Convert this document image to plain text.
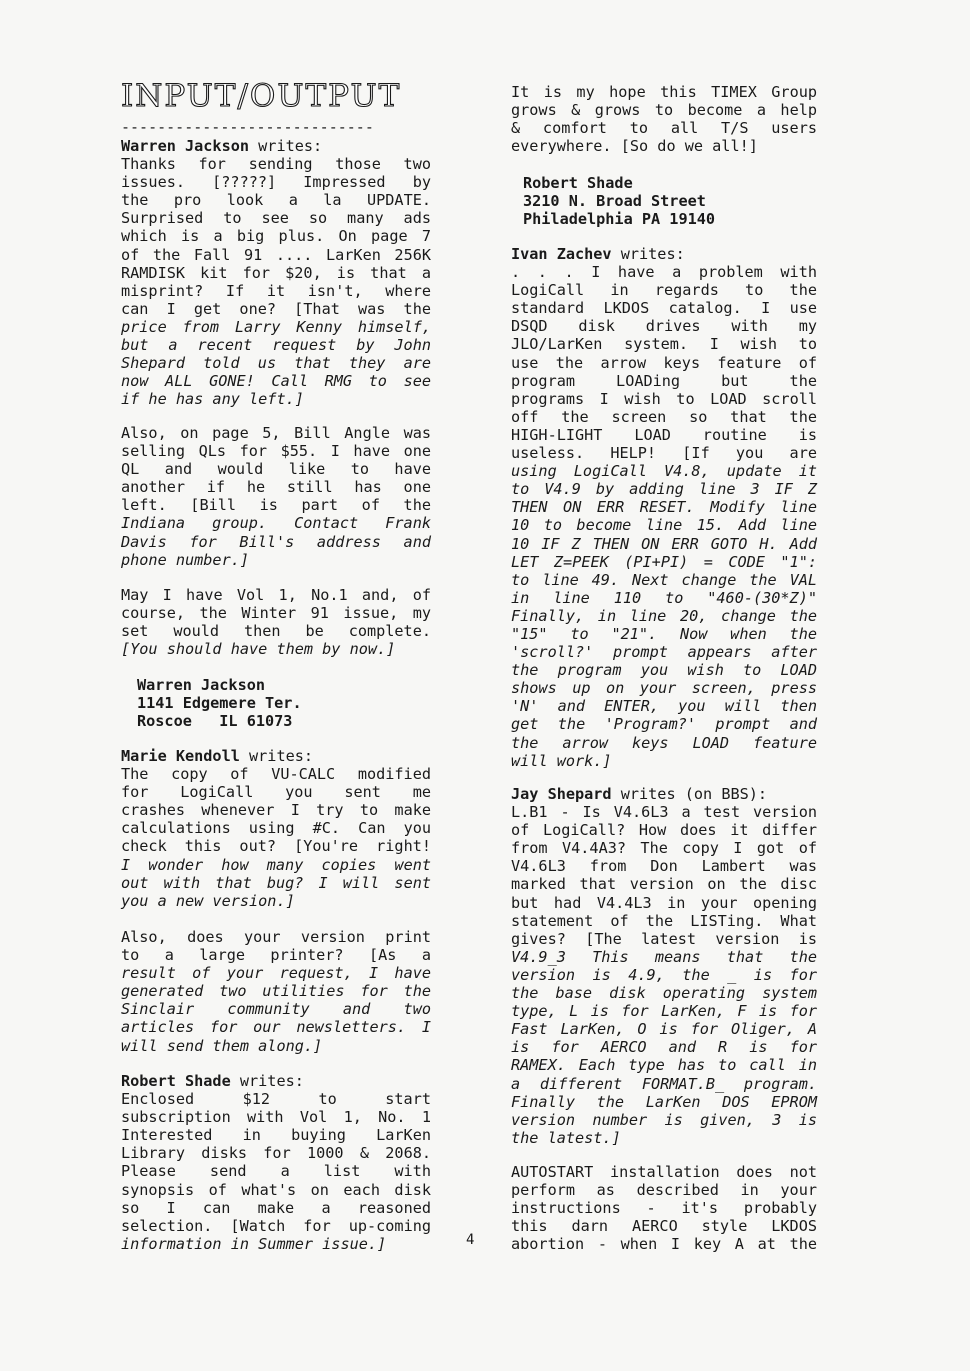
INPUT/OUTPUT
----------------------------
Warren Jackson writes:
Thanks for sending those two
issues. [?????] Impressed by
the pro look a la UPDATE.
Surprised to see so many ads
which is a big plus. On page 7
of the Fall 91 .... LarKen 256K
RAMDISK kit for $20, is that a
misprint? If it isn't, where
can I get one? [That was the
price from Larry Kenny himself,
but a recent request by John
Shepard told us that they are
now ALL GONE! Call RMG to see
if he has any left.]
Also, on page 5, Bill Angle was
selling QLs for $55. I have one
QL and would like to have
another if he still has one
left. [Bill is part of the
Indiana group. Contact Frank
Davis for Bill's address and
phone number.]
May I have Vol 1, No.1 and, of
course, the Winter 91 issue, my
set would then be complete.
[You should have them by now.]
Warren Jackson
1141 Edgemere Ter.
Roscoe   IL 61073
Marie Kendoll writes:
The copy of VU-CALC modified
for LogiCall you sent me
crashes whenever I try to make
calculations using #C. Can you
check this out? [You're right!
I wonder how many copies went
out with that bug? I will sent
you a new version.]
Also, does your version print
to a large printer? [As a
result of your request, I have
generated two utilities for the
Sinclair community and two
articles for our newsletters. I
will send them along.]
Robert Shade writes:
Enclosed $12 to start
subscription with Vol 1, No. 1
Interested in buying LarKen
Library disks for 1000 & 2068.
Please send a list with
synopsis of what's on each disk
so I can make a reasoned
selection. [Watch for up-coming
information in Summer issue.]	4
It is my hope this TIMEX Group
grows & grows to become a help
& comfort to all T/S users
everywhere. [So do we all!]
Robert Shade
3210 N. Broad Street
Philadelphia PA 19140
Ivan Zachev writes:
. . . I have a problem with
LogiCall in regards to the
standard LKDOS catalog. I use
DSQD disk drives with my
JLO/LarKen system. I wish to
use the arrow keys feature of
program LOADing but the
programs I wish to LOAD scroll
off the screen so that the
HIGH-LIGHT LOAD routine is
useless. HELP! [If you are
using LogiCall V4.8, update it
to V4.9 by adding line 3 IF Z
THEN ON ERR RESET. Modify line
10 to become line 15. Add line
10 IF Z THEN ON ERR GOTO H. Add
LET Z=PEEK (PI+PI) = CODE "1":
to line 49. Next change the VAL
in line 110 to "460-(30*Z)"
Finally, in line 20, change the
"15" to "21". Now when the
'scroll?' prompt appears after
the program you wish to LOAD
shows up on your screen, press
'N' and ENTER, you will then
get the 'Program?' prompt and
the arrow keys LOAD feature
will work.]
Jay Shepard writes (on BBS):
L.B1 - Is V4.6L3 a test version
of LogiCall? How does it differ
from V4.4A3? The copy I got of
V4.6L3 from Don Lambert was
marked that version on the disc
but had V4.4L3 in your opening
statement of the LISTing. What
gives? [The latest version is
V4.9_3 This means that the
version is 4.9, the _ is for
the base disk operating system
type, L is for LarKen, F is for
Fast LarKen, O is for Oliger, A
is for AERCO and R is for
RAMEX. Each type has to call in
a different FORMAT.B_ program.
Finally the LarKen DOS EPROM
version number is given, 3 is
the latest.]
AUTOSTART installation does not
perform as described in your
instructions - it's probably
this darn AERCO style LKDOS
abortion - when I key A at the
